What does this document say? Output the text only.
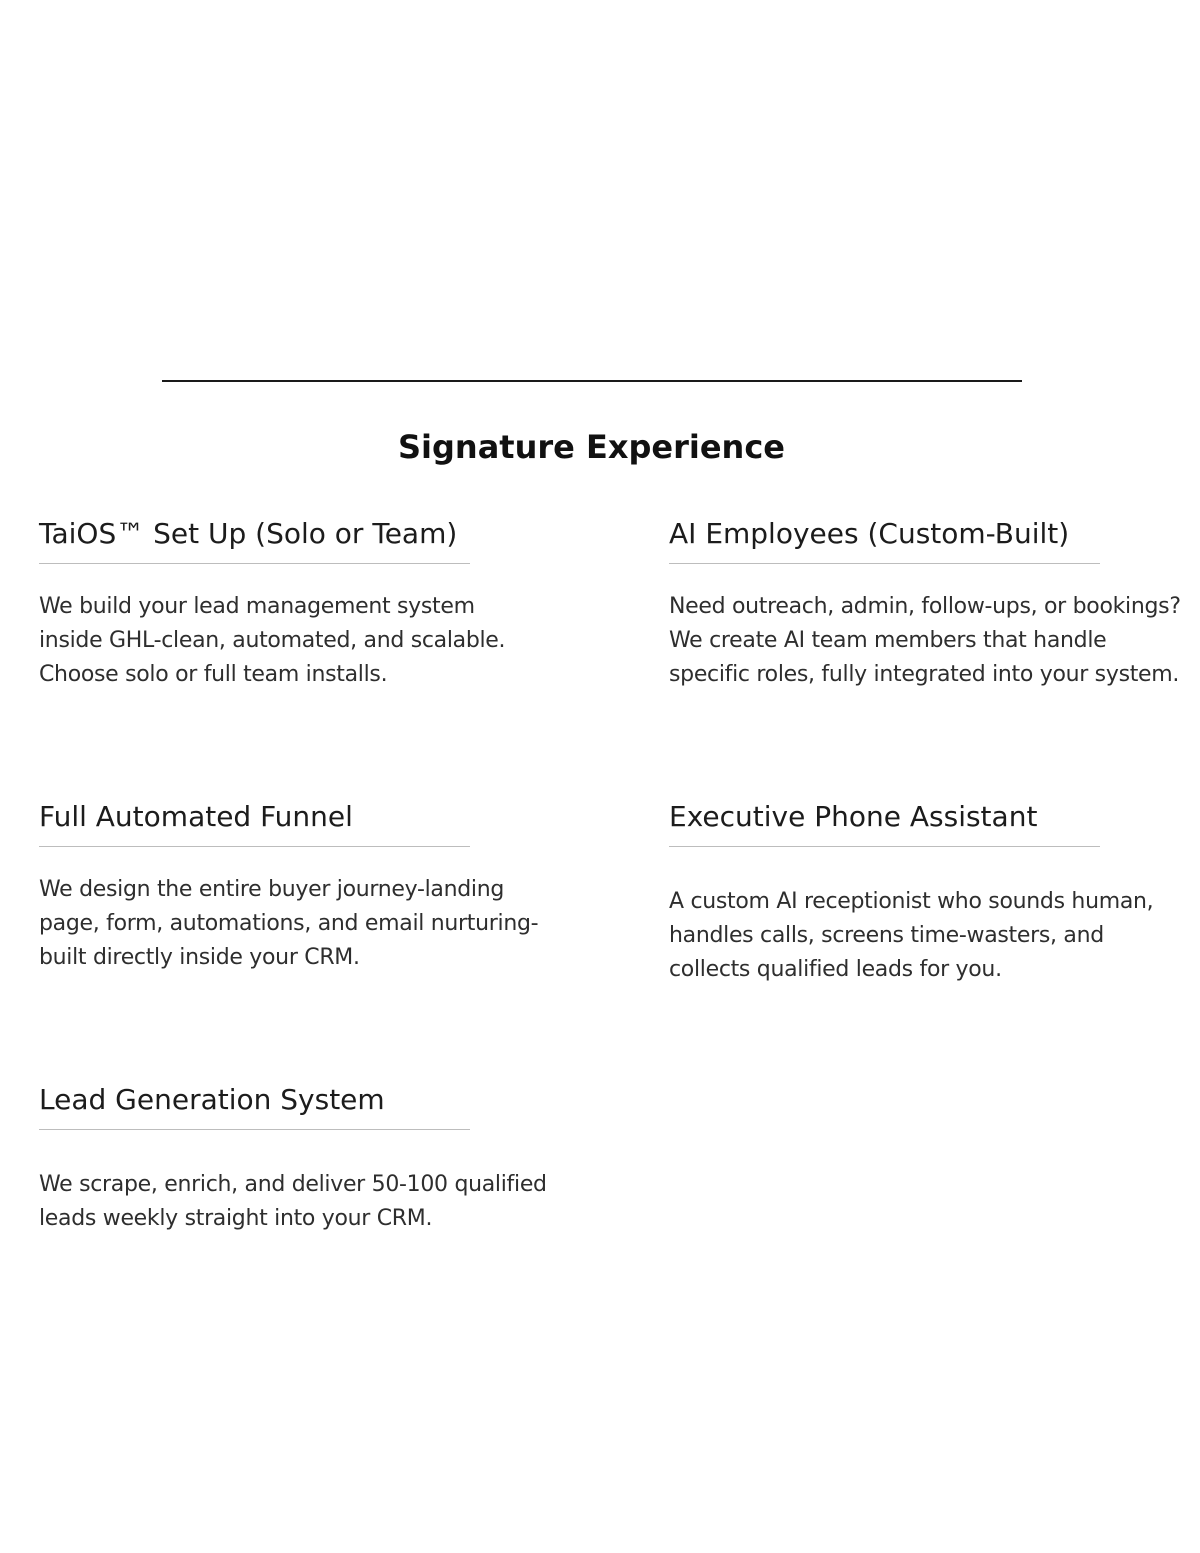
Signature Experience
TaiOS™ Set Up (Solo or Team)

We build your lead management system inside GHL-clean, automated, and scalable. Choose solo or full team installs.

AI Employees (Custom-Built)

Need outreach, admin, follow-ups, or bookings? We create AI team members that handle specific roles, fully integrated into your system.

Full Automated Funnel

We design the entire buyer journey-landing page, form, automations, and email nurturing-built directly inside your CRM.

Executive Phone Assistant

A custom AI receptionist who sounds human, handles calls, screens time-wasters, and collects qualified leads for you.

Lead Generation System

We scrape, enrich, and deliver 50-100 qualified leads weekly straight into your CRM.
